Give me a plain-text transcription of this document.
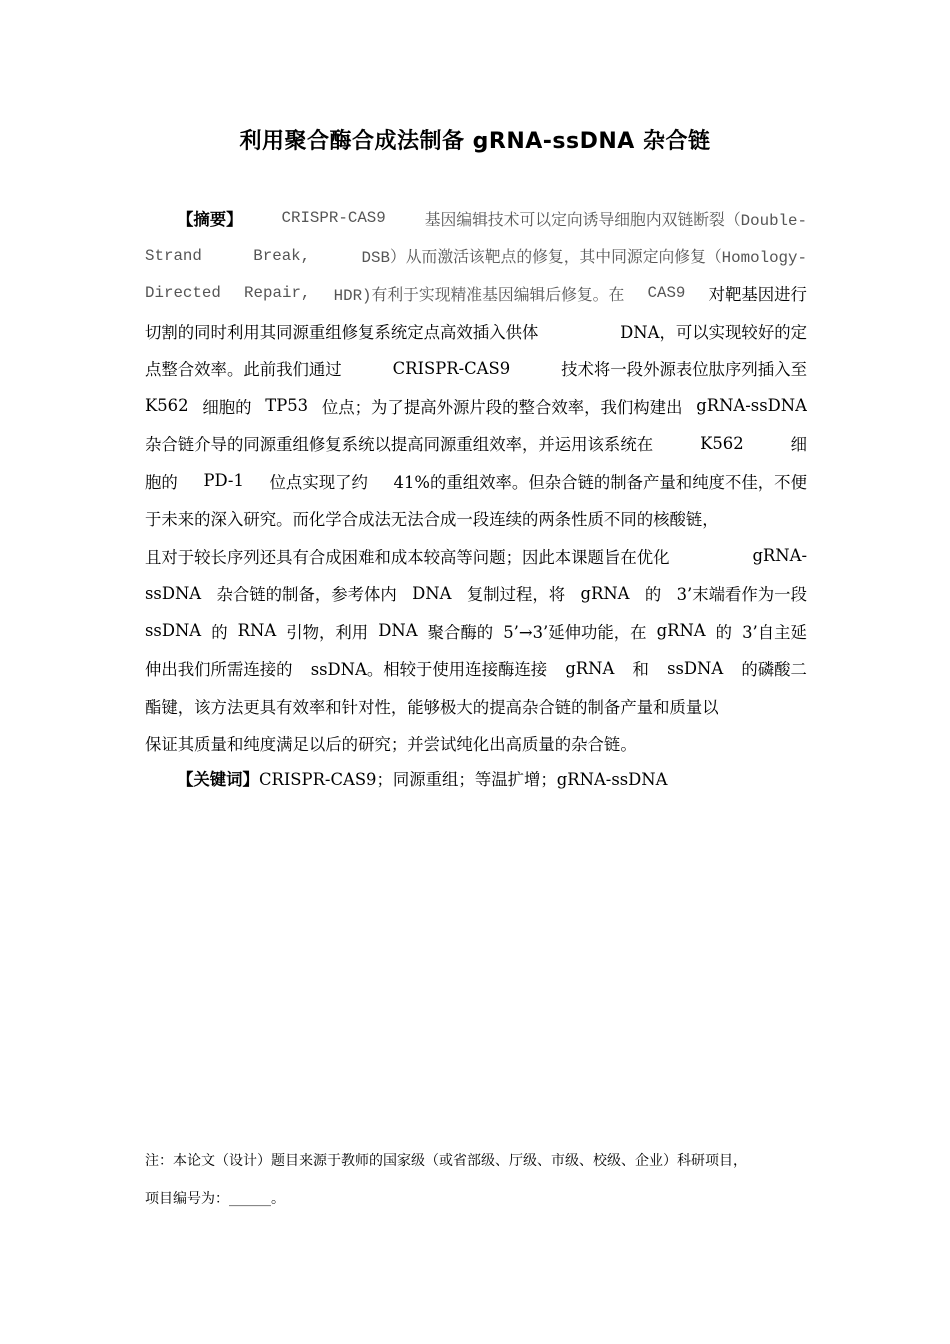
利用聚合酶合成法制备 gRNA-ssDNA 杂合链
【摘要】 CRISPR-CAS9 基因编辑技术可以定向诱导细胞内双链断裂（Double-
Strand	Break,	DSB）从而激活该靶点的修复，其中同源定向修复（Homology-
Directed Repair, HDR)有利于实现精准基因编辑后修复。在 CAS9 对靶基因进行
切割的同时利用其同源重组修复系统定点高效插入供体	DNA，可以实现较好的定
点整合效率。此前我们通过	CRISPR-CAS9	技术将一段外源表位肽序列插入至
K562 细胞的 TP53 位点；为了提高外源片段的整合效率，我们构建出 gRNA-ssDNA
杂合链介导的同源重组修复系统以提高同源重组效率，并运用该系统在	K562	细
胞的 PD-1 位点实现了约 41%的重组效率。但杂合链的制备产量和纯度不佳，不便
于未来的深入研究。而化学合成法无法合成一段连续的两条性质不同的核酸链，
且对于较长序列还具有合成困难和成本较高等问题；因此本课题旨在优化	gRNA-
ssDNA 杂合链的制备，参考体内 DNA 复制过程，将 gRNA 的 3’末端看作为一段
ssDNA 的 RNA 引物，利用 DNA 聚合酶的 5’→3’延伸功能，在 gRNA 的 3’自主延
伸出我们所需连接的 ssDNA。相较于使用连接酶连接 gRNA 和 ssDNA 的磷酸二
酯键，该方法更具有效率和针对性，能够极大的提高杂合链的制备产量和质量以
保证其质量和纯度满足以后的研究；并尝试纯化出高质量的杂合链。
【关键词】 CRISPR-CAS9；同源重组；等温扩增；gRNA-ssDNA
注：本论文（设计）题目来源于教师的国家级（或省部级、厅级、市级、校级、企业）科研项目，
项目编号为：______。
